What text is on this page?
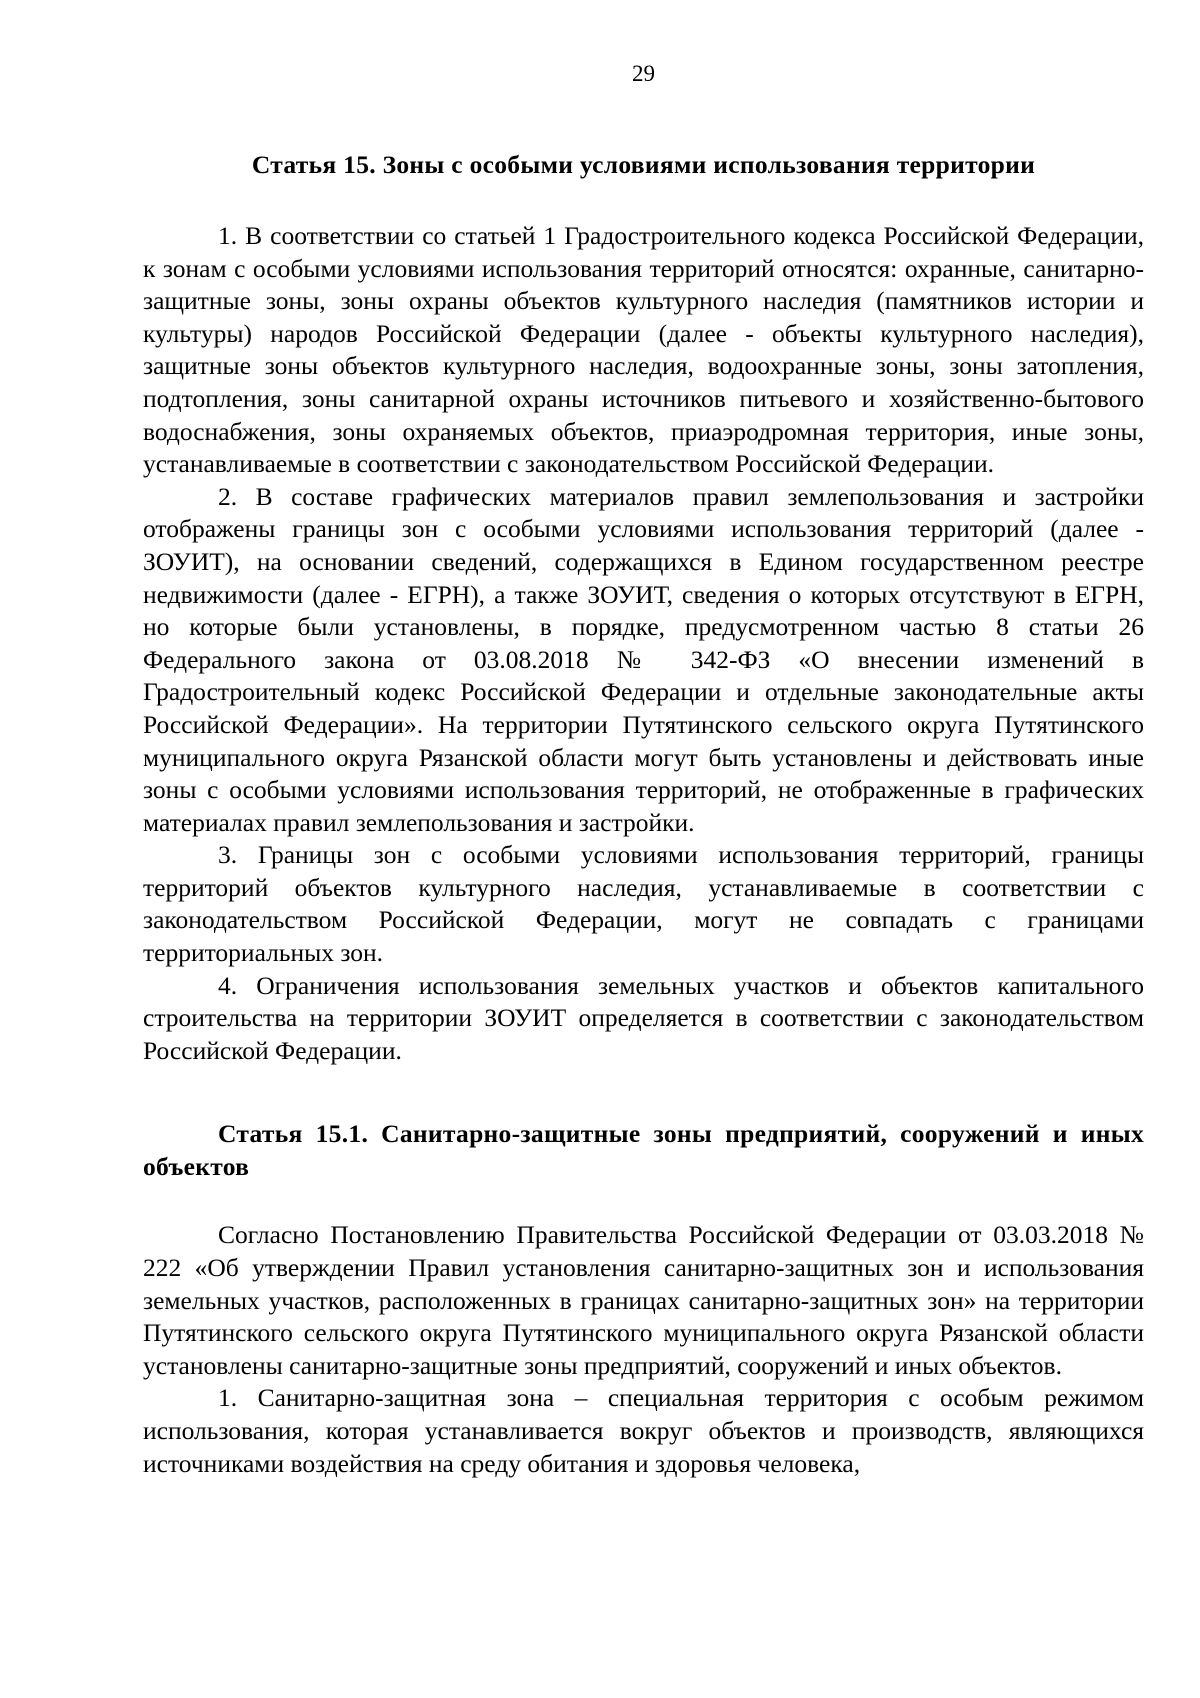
29
Статья 15. Зоны с особыми условиями использования территории

1. В соответствии со статьей 1 Градостроительного кодекса Российской Федерации, к зонам с особыми условиями использования территорий относятся: охранные, санитарно-защитные зоны, зоны охраны объектов культурного наследия (памятников истории и культуры) народов Российской Федерации (далее - объекты культурного наследия), защитные зоны объектов культурного наследия, водоохранные зоны, зоны затопления, подтопления, зоны санитарной охраны источников питьевого и хозяйственно-бытового водоснабжения, зоны охраняемых объектов, приаэродромная территория, иные зоны, устанавливаемые в соответствии с законодательством Российской Федерации.

2. В составе графических материалов правил землепользования и застройки отображены границы зон с особыми условиями использования территорий (далее - ЗОУИТ), на основании сведений, содержащихся в Едином государственном реестре недвижимости (далее - ЕГРН), а также ЗОУИТ, сведения о которых отсутствуют в ЕГРН, но которые были установлены, в порядке, предусмотренном частью 8 статьи 26 Федерального закона от 03.08.2018 № 342-ФЗ «О внесении изменений в Градостроительный кодекс Российской Федерации и отдельные законодательные акты Российской Федерации». На территории Путятинского сельского округа Путятинского муниципального округа Рязанской области могут быть установлены и действовать иные зоны с особыми условиями использования территорий, не отображенные в графических материалах правил землепользования и застройки.

3. Границы зон с особыми условиями использования территорий, границы территорий объектов культурного наследия, устанавливаемые в соответствии с законодательством Российской Федерации, могут не совпадать с границами территориальных зон.

4. Ограничения использования земельных участков и объектов капитального строительства на территории ЗОУИТ определяется в соответствии с законодательством Российской Федерации.

Статья 15.1. Санитарно-защитные зоны предприятий, сооружений и иных объектов

Согласно Постановлению Правительства Российской Федерации от 03.03.2018 № 222 «Об утверждении Правил установления санитарно-защитных зон и использования земельных участков, расположенных в границах санитарно-защитных зон» на территории Путятинского сельского округа Путятинского муниципального округа Рязанской области установлены санитарно-защитные зоны предприятий, сооружений и иных объектов.

1. Санитарно-защитная зона – специальная территория с особым режимом использования, которая устанавливается вокруг объектов и производств, являющихся источниками воздействия на среду обитания и здоровья человека,
